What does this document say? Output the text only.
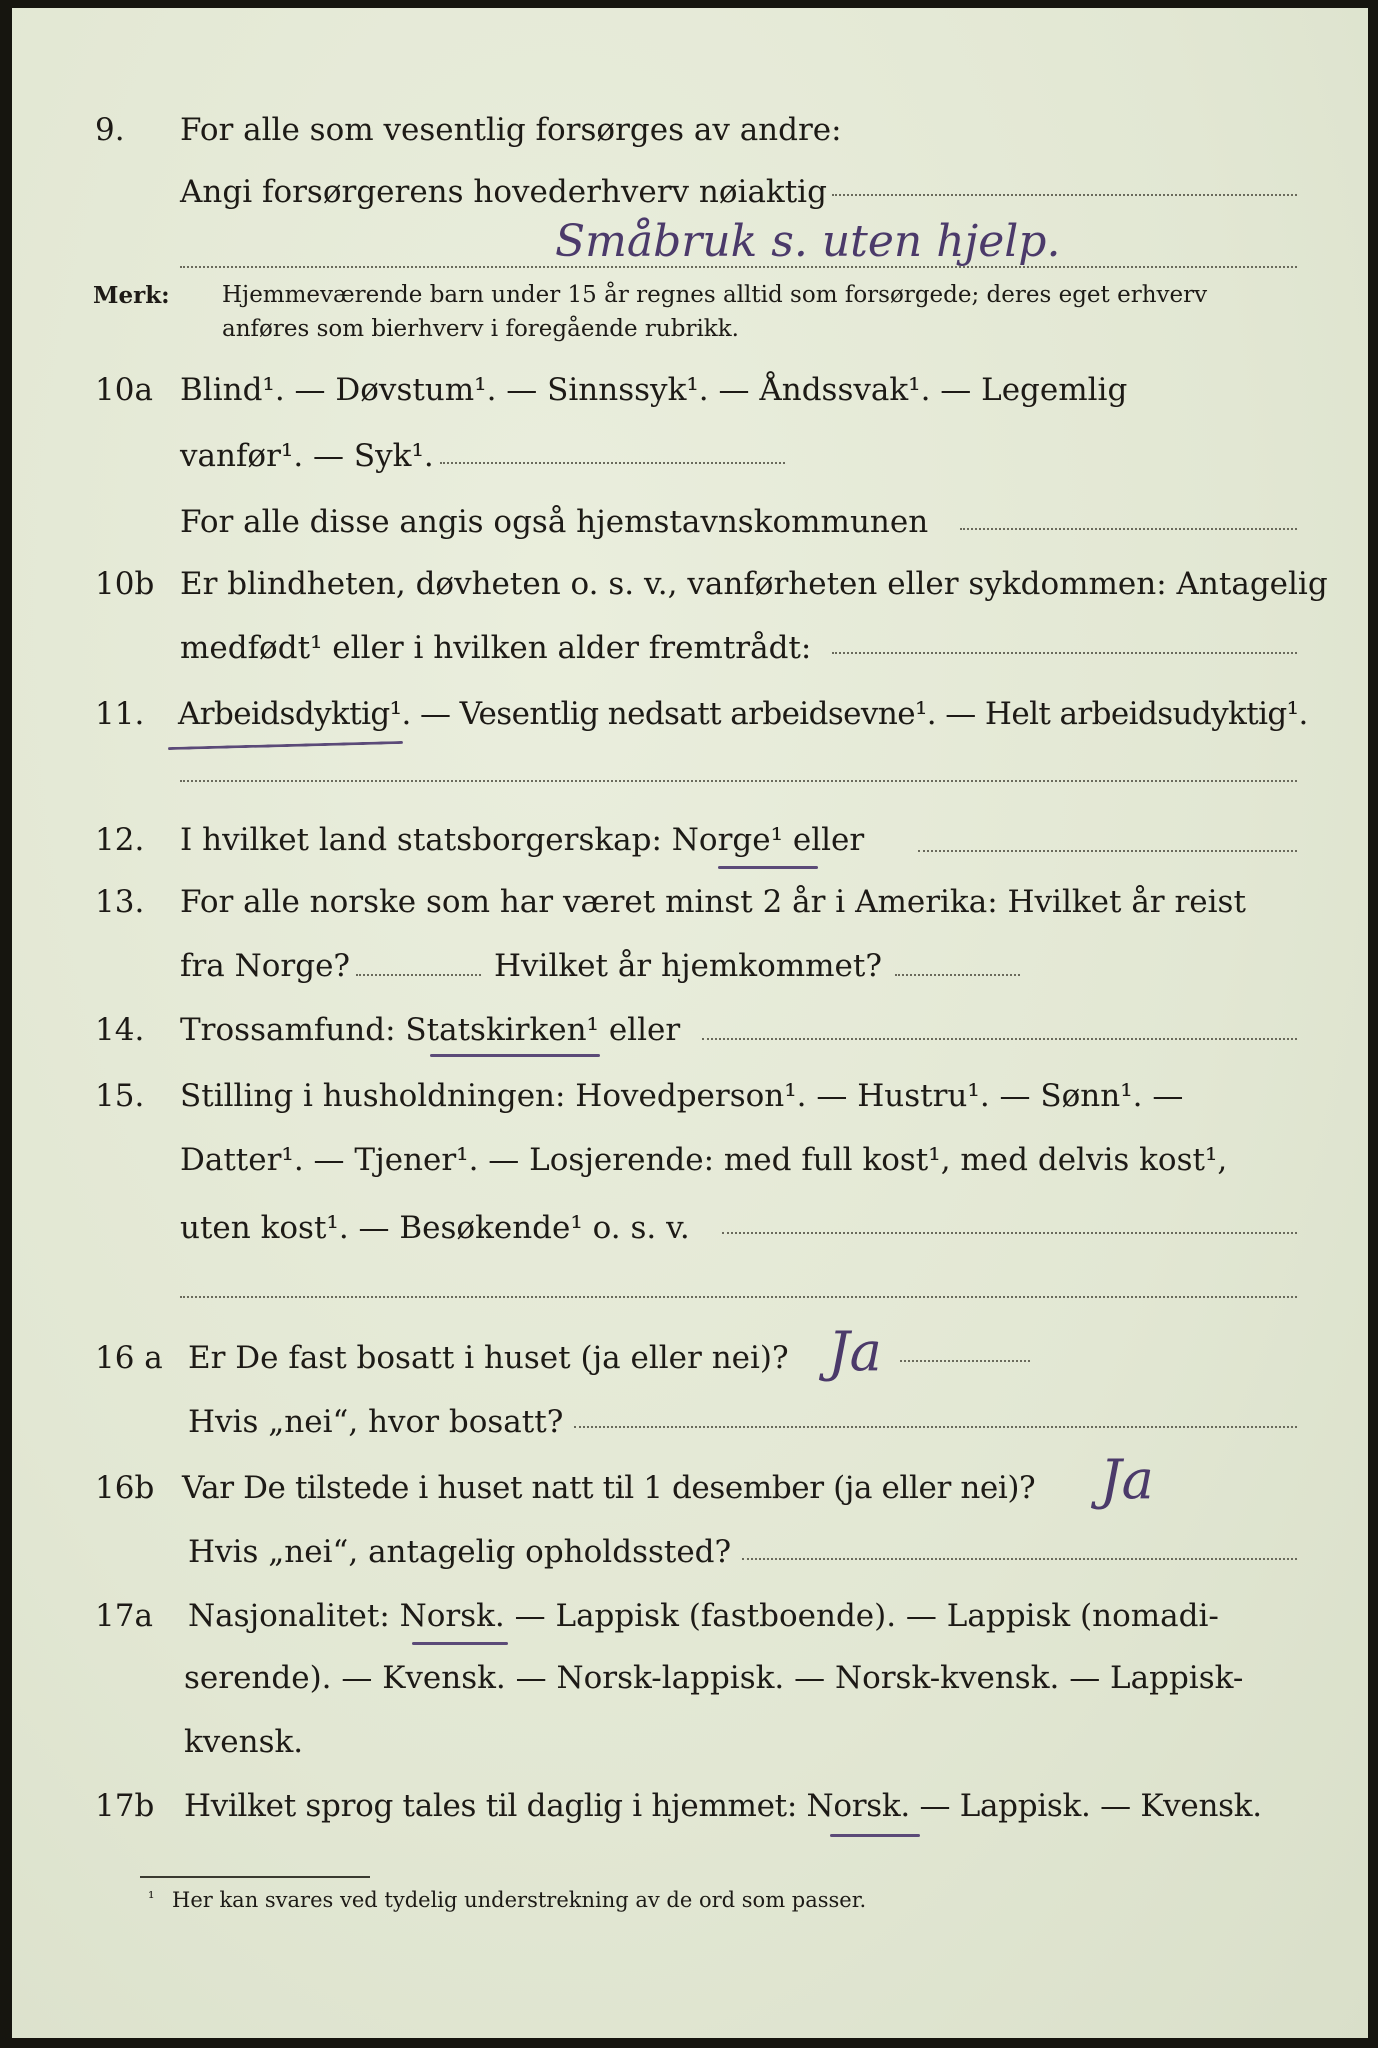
9. For alle som vesentlig forsørges av andre:
Angi forsørgerens hovederhverv nøiaktig
Småbruk s. uten hjelp.
Merk: Hjemmeværende barn under 15 år regnes alltid som forsørgede; deres eget erhverv
anføres som bierhverv i foregående rubrikk.
10a Blind¹. — Døvstum¹. — Sinnssyk¹. — Åndssvak¹. — Legemlig
vanfør¹. — Syk¹.
For alle disse angis også hjemstavnskommunen
10b Er blindheten, døvheten o. s. v., vanførheten eller sykdommen: Antagelig
medfødt¹ eller i hvilken alder fremtrådt:
11. Arbeidsdyktig¹. — Vesentlig nedsatt arbeidsevne¹. — Helt arbeidsudyktig¹.
12. I hvilket land statsborgerskap: Norge¹ eller
13. For alle norske som har været minst 2 år i Amerika: Hvilket år reist
fra Norge?	Hvilket år hjemkommet?
14. Trossamfund: Statskirken¹ eller
15. Stilling i husholdningen: Hovedperson¹. — Hustru¹. — Sønn¹. —
Datter¹. — Tjener¹. — Losjerende: med full kost¹, med delvis kost¹,
uten kost¹. — Besøkende¹ o. s. v.
16 a Er De fast bosatt i huset (ja eller nei)? Ja
Hvis „nei“, hvor bosatt?
16b Var De tilstede i huset natt til 1 desember (ja eller nei)? Ja
Hvis „nei“, antagelig opholdssted?
17a Nasjonalitet: Norsk. — Lappisk (fastboende). — Lappisk (nomadi-
serende). — Kvensk. — Norsk-lappisk. — Norsk-kvensk. — Lappisk-
kvensk.
17b Hvilket sprog tales til daglig i hjemmet: Norsk. — Lappisk. — Kvensk.
¹ Her kan svares ved tydelig understrekning av de ord som passer.
